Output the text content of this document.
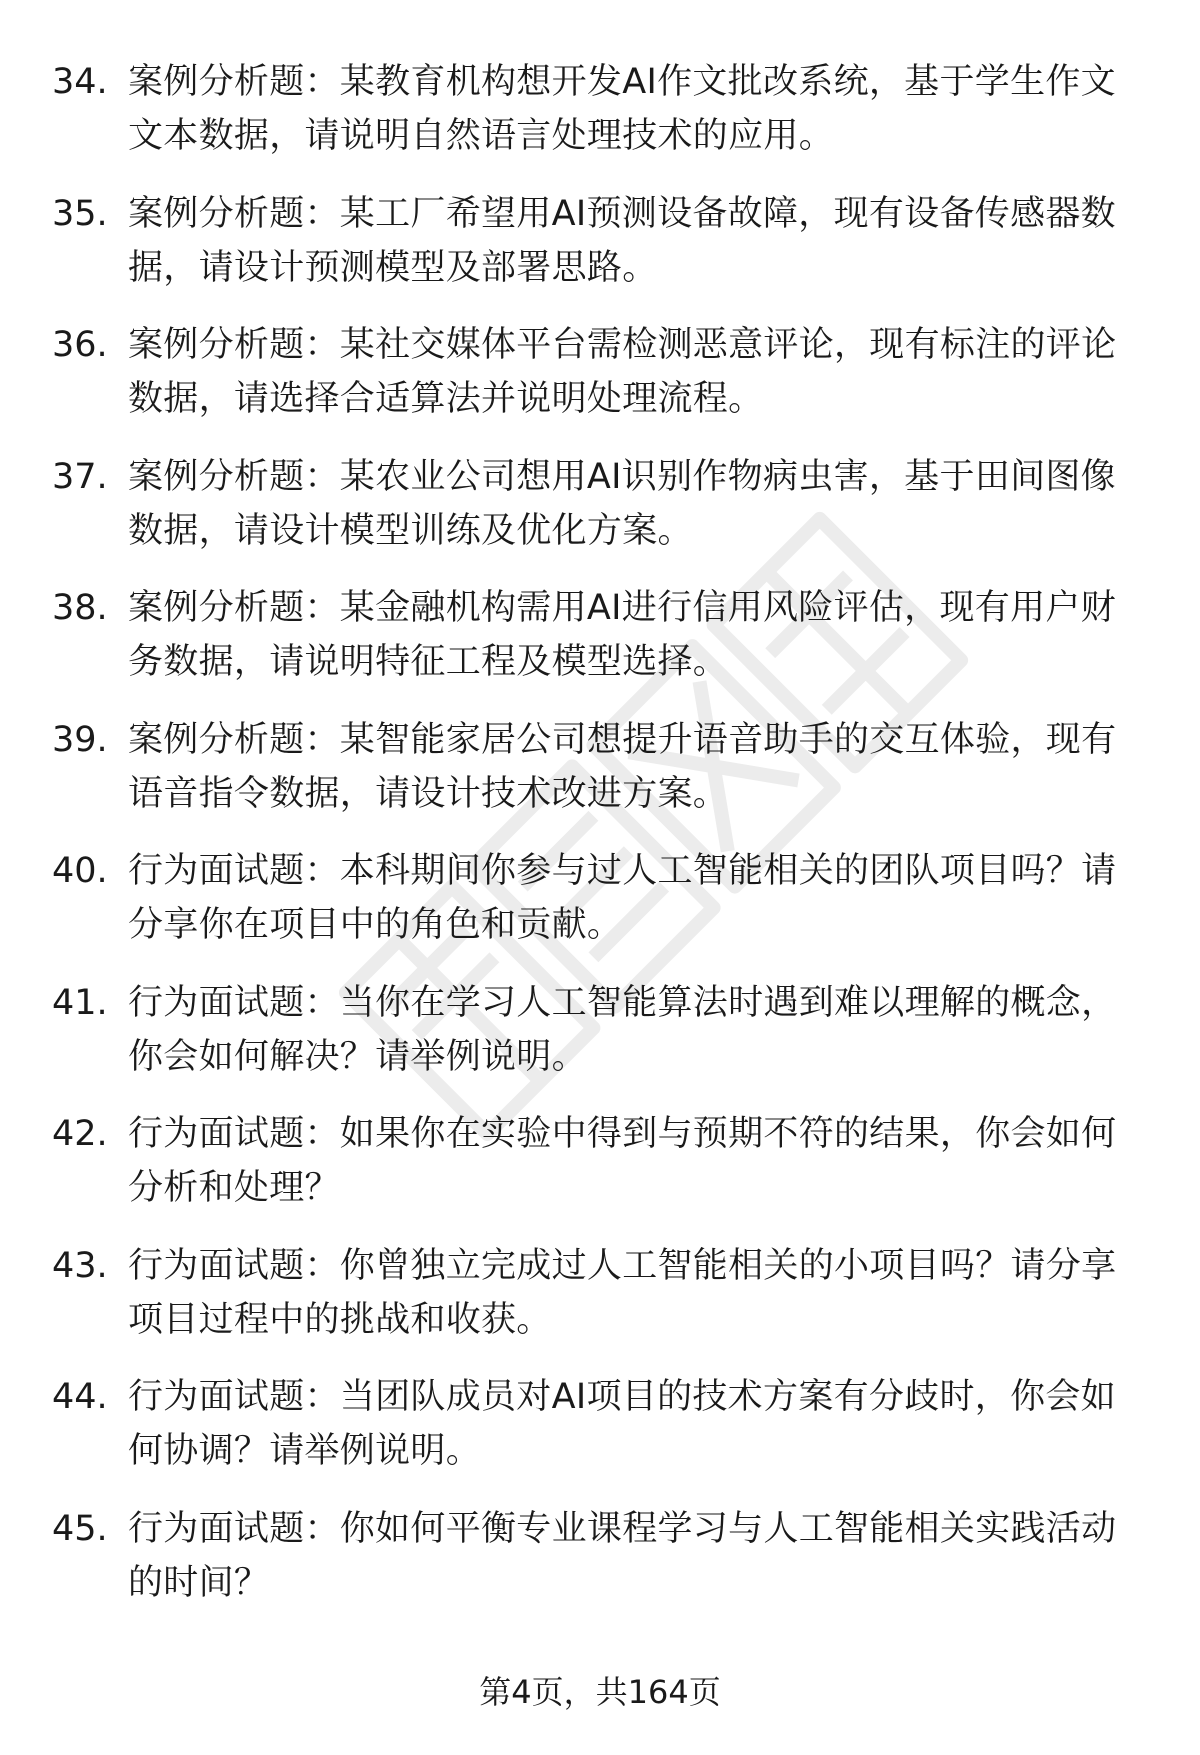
34. 案例分析题：某教育机构想开发AI作文批改系统，基于学生作文文本数据，请说明自然语言处理技术的应用。
35. 案例分析题：某工厂希望用AI预测设备故障，现有设备传感器数据，请设计预测模型及部署思路。
36. 案例分析题：某社交媒体平台需检测恶意评论，现有标注的评论数据，请选择合适算法并说明处理流程。
37. 案例分析题：某农业公司想用AI识别作物病虫害，基于田间图像数据，请设计模型训练及优化方案。
38. 案例分析题：某金融机构需用AI进行信用风险评估，现有用户财务数据，请说明特征工程及模型选择。
39. 案例分析题：某智能家居公司想提升语音助手的交互体验，现有语音指令数据，请设计技术改进方案。
40. 行为面试题：本科期间你参与过人工智能相关的团队项目吗？请分享你在项目中的角色和贡献。
41. 行为面试题：当你在学习人工智能算法时遇到难以理解的概念，你会如何解决？请举例说明。
42. 行为面试题：如果你在实验中得到与预期不符的结果，你会如何分析和处理？
43. 行为面试题：你曾独立完成过人工智能相关的小项目吗？请分享项目过程中的挑战和收获。
44. 行为面试题：当团队成员对AI项目的技术方案有分歧时，你会如何协调？请举例说明。
45. 行为面试题：你如何平衡专业课程学习与人工智能相关实践活动的时间？
第4页，共164页
